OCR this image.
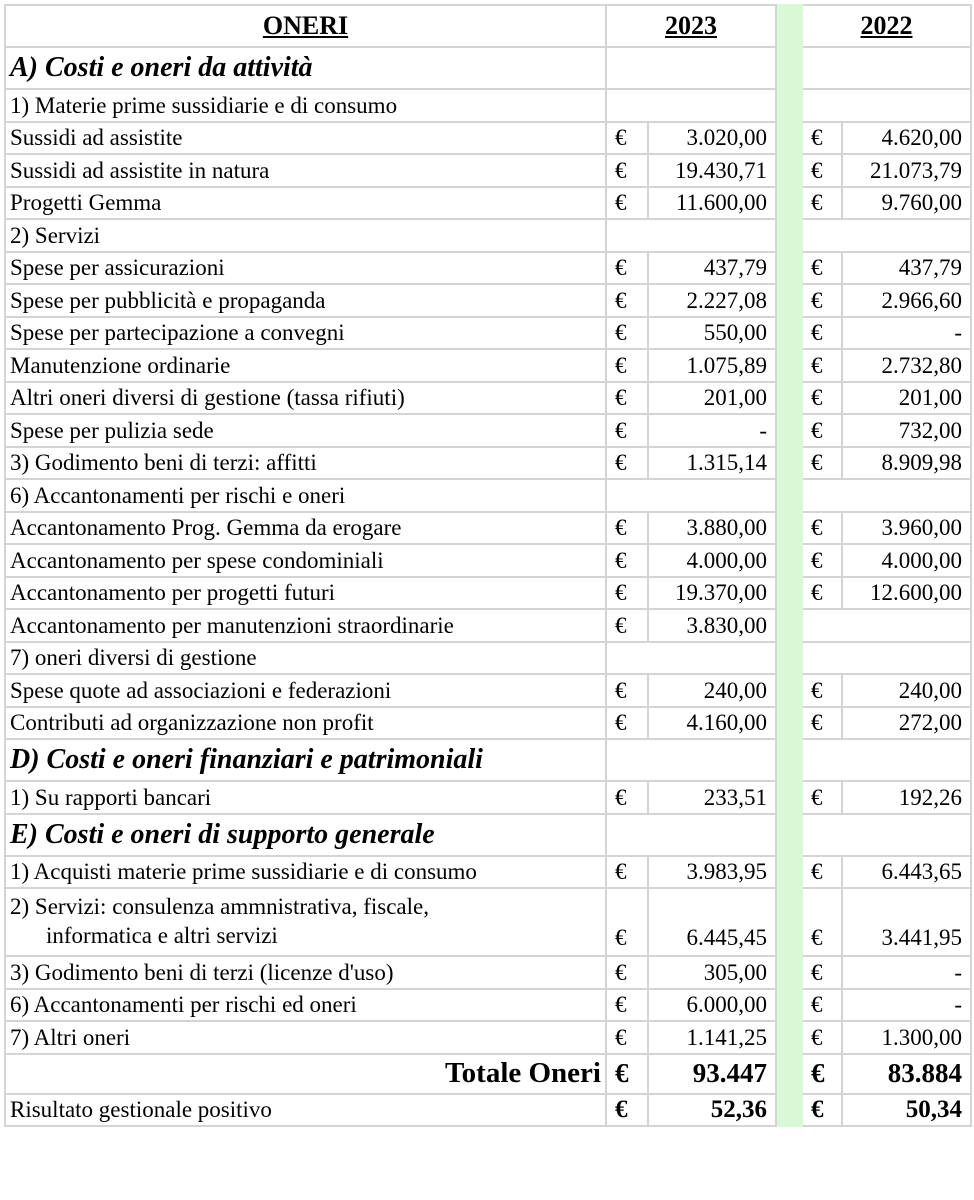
ONERI	2023			2022	
A) Costi e oneri da attività					
1) Materie prime sussidiarie e di consumo					
Sussidi ad assistite	€	3.020,00		€	4.620,00
Sussidi ad assistite in natura	€	19.430,71		€	21.073,79
Progetti Gemma	€	11.600,00		€	9.760,00
2) Servizi					
Spese per assicurazioni	€	437,79		€	437,79
Spese per pubblicità e propaganda	€	2.227,08		€	2.966,60
Spese per partecipazione a convegni	€	550,00		€	-
Manutenzione ordinarie	€	1.075,89		€	2.732,80
Altri oneri diversi di gestione (tassa rifiuti)	€	201,00		€	201,00
Spese per pulizia sede	€	-		€	732,00
3) Godimento beni di terzi: affitti	€	1.315,14		€	8.909,98
6) Accantonamenti per rischi e oneri					
Accantonamento Prog. Gemma da erogare	€	3.880,00		€	3.960,00
Accantonamento per spese condominiali	€	4.000,00		€	4.000,00
Accantonamento per progetti futuri	€	19.370,00		€	12.600,00
Accantonamento per manutenzioni straordinarie	€	3.830,00			
7) oneri diversi di gestione					
Spese quote ad associazioni e federazioni	€	240,00		€	240,00
Contributi ad organizzazione non profit	€	4.160,00		€	272,00
D) Costi e oneri finanziari e patrimoniali					
1) Su rapporti bancari	€	233,51		€	192,26
E) Costi e oneri di supporto generale					
1) Acquisti materie prime sussidiarie e di consumo	€	3.983,95		€	6.443,65

2) Servizi: consulenza ammnistrativa, fiscale,
informatica e altri servizi	€	6.445,45		€	3.441,95
3) Godimento beni di terzi (licenze d'uso)	€	305,00		€	-
6) Accantonamenti per rischi ed oneri	€	6.000,00		€	-
7) Altri oneri	€	1.141,25		€	1.300,00
Totale Oneri	€	93.447		€	83.884
Risultato gestionale positivo	€	52,36		€	50,34
